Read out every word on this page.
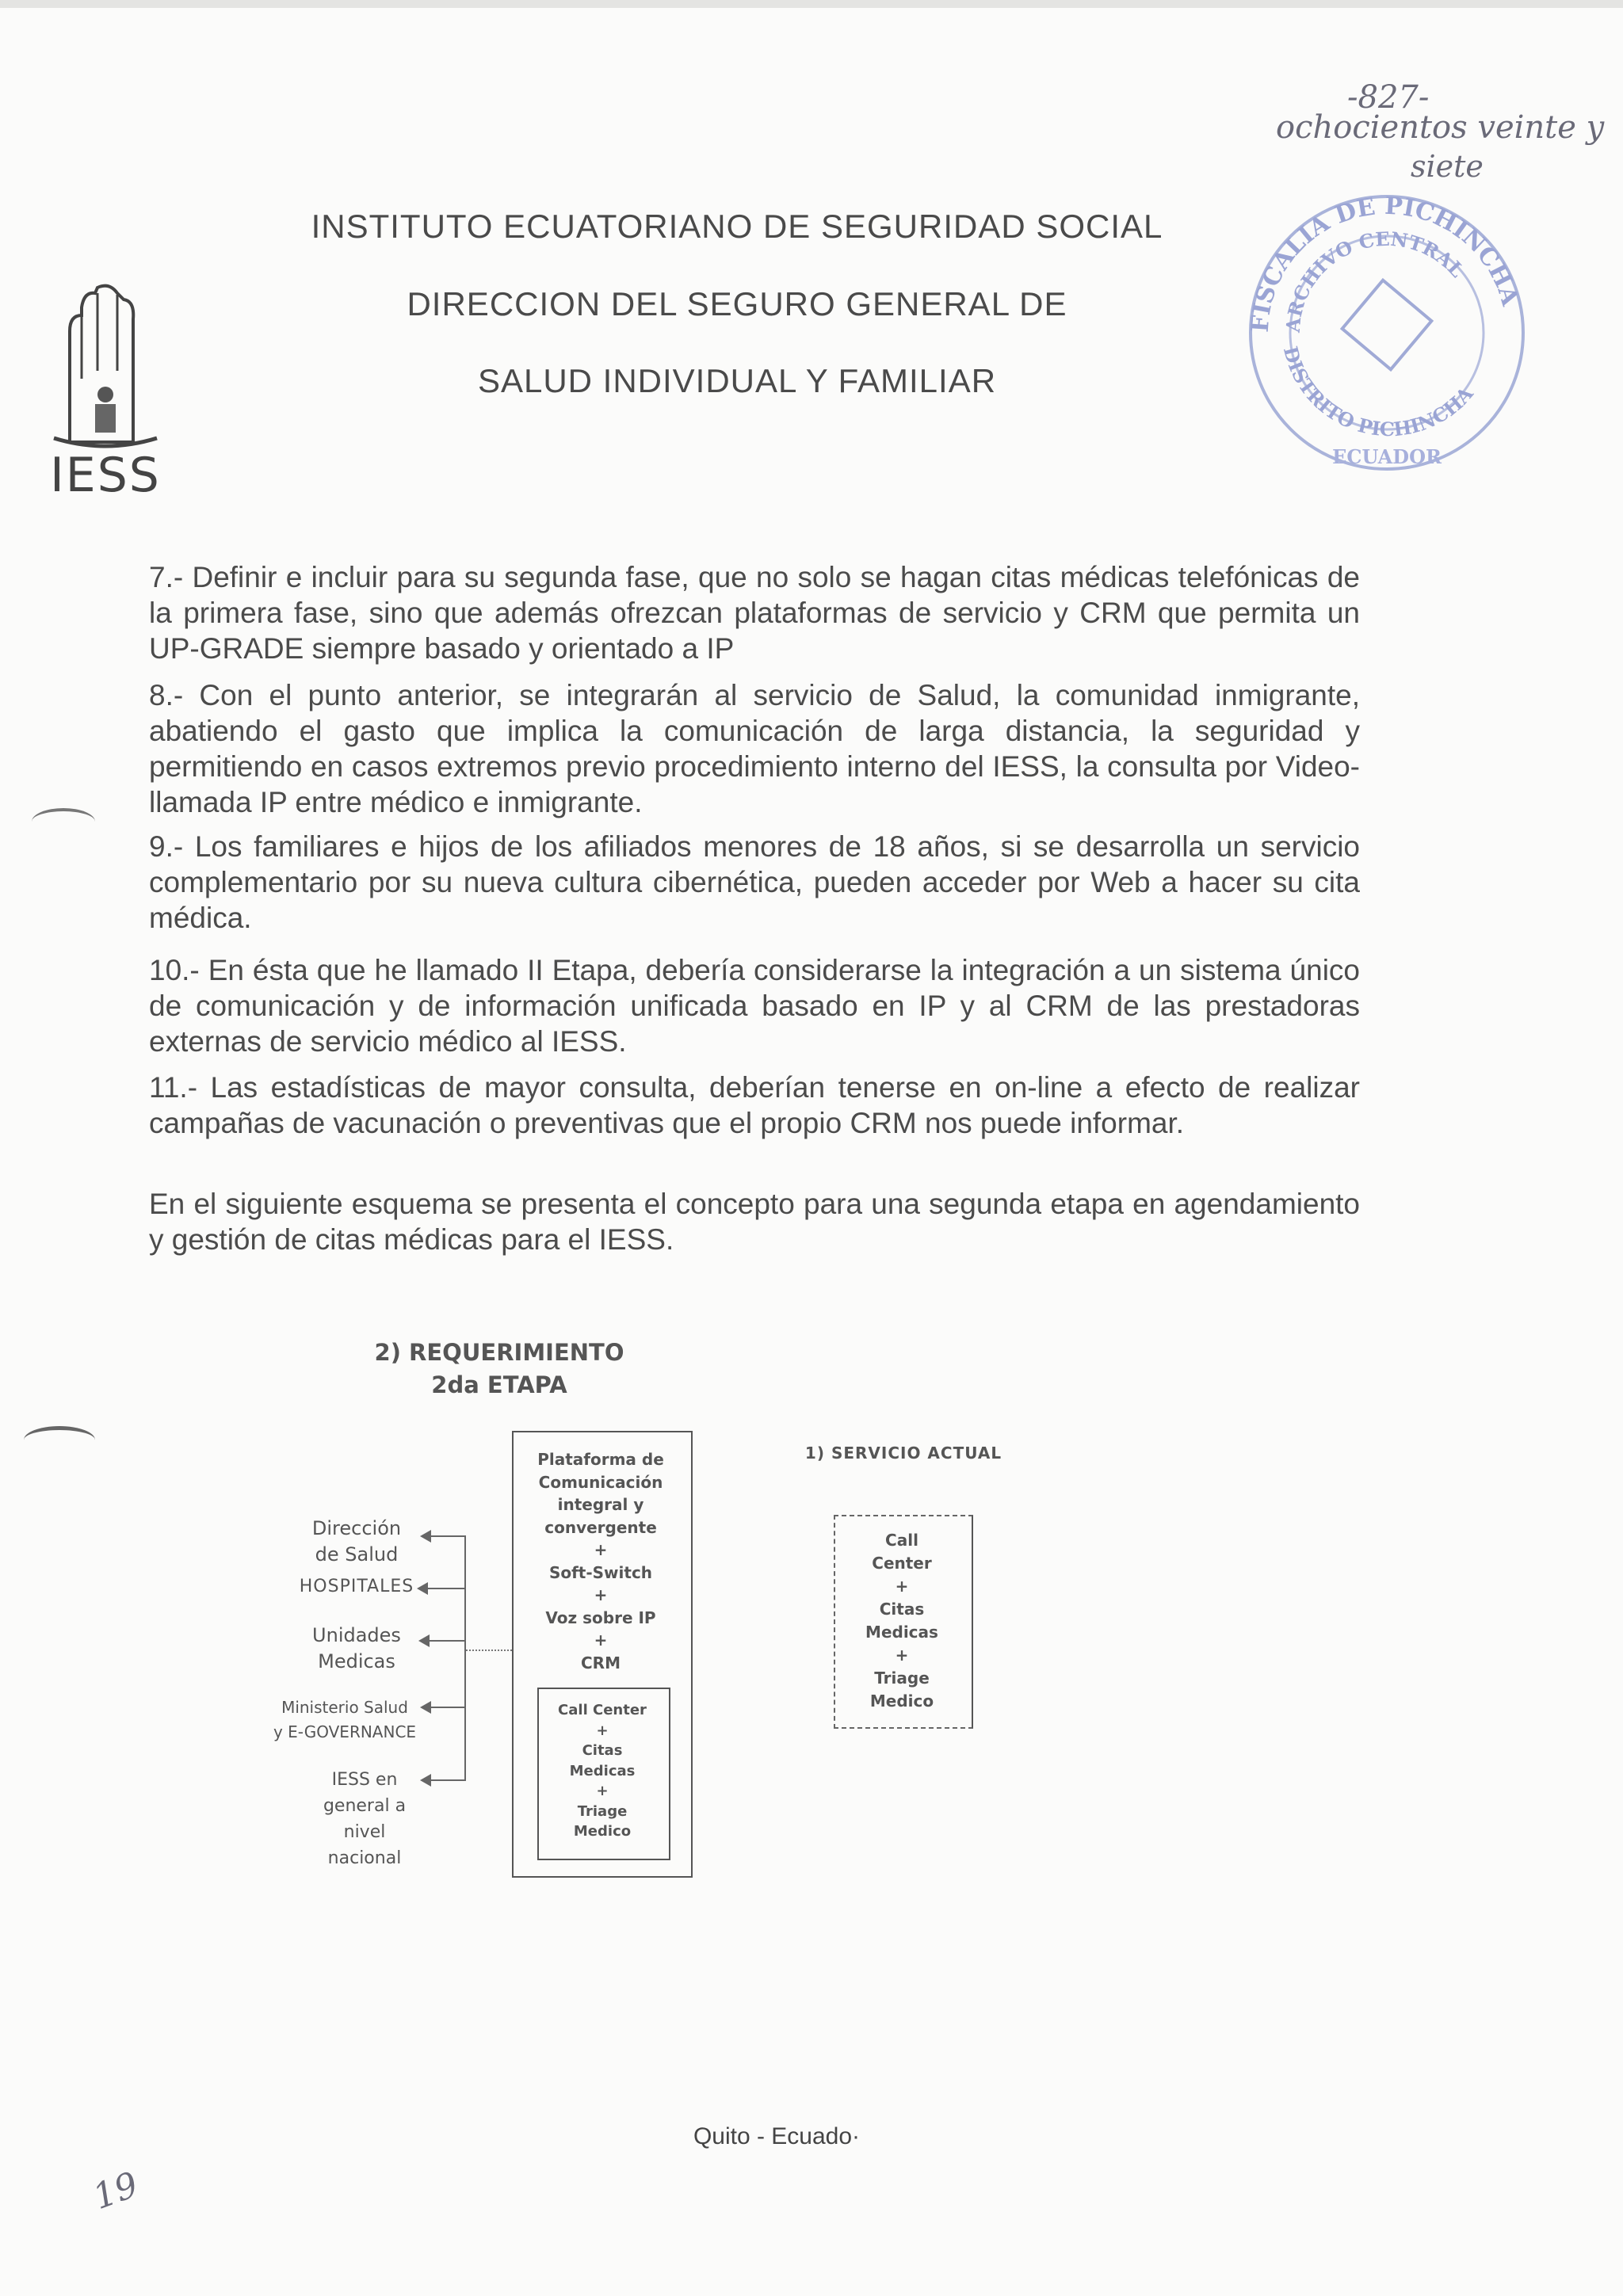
-827-
ochocientos veinte y
siete
FISCALIA DE PICHINCHA
ARCHIVO CENTRAL
DISTRITO PICHINCHA
ECUADOR
IESS
INSTITUTO ECUATORIANO DE SEGURIDAD SOCIAL
DIRECCION DEL SEGURO GENERAL DE
SALUD INDIVIDUAL Y FAMILIAR
7.- Definir e incluir para su segunda fase, que no solo se hagan citas médicas telefónicas de la primera fase, sino que además ofrezcan plataformas de servicio y CRM que permita un UP-GRADE siempre basado y orientado a IP
8.- Con el punto anterior, se integrarán al servicio de Salud, la comunidad inmigrante, abatiendo el gasto que implica la comunicación de larga distancia, la seguridad y permitiendo en casos extremos previo procedimiento interno del IESS, la consulta por Video-llamada IP entre médico e inmigrante.
9.- Los familiares e hijos de los afiliados menores de 18 años, si se desarrolla un servicio complementario por su nueva cultura cibernética, pueden acceder por Web a hacer su cita médica.
10.- En ésta que he llamado II Etapa, debería considerarse la integración a un sistema único de comunicación y de información unificada basado en IP y al CRM de las prestadoras externas de servicio médico al IESS.
11.- Las estadísticas de mayor consulta, deberían tenerse en on-line a efecto de realizar campañas de vacunación o preventivas que el propio CRM nos puede informar.
En el siguiente esquema se presenta el concepto para una segunda etapa en agendamiento y gestión de citas médicas para el IESS.
2) REQUERIMIENTO
2da ETAPA
Plataforma de
Comunicación
integral y
convergente
+
Soft-Switch
+
Voz sobre IP
+
CRM
Call Center
+
Citas
Medicas
+
Triage
Medico
Dirección
de Salud
HOSPITALES
Unidades
Medicas
Ministerio Salud
y E-GOVERNANCE
IESS en
general a
nivel
nacional
1) SERVICIO ACTUAL
Call
Center
+
Citas
Medicas
+
Triage
Medico
Quito - Ecuado·
19
